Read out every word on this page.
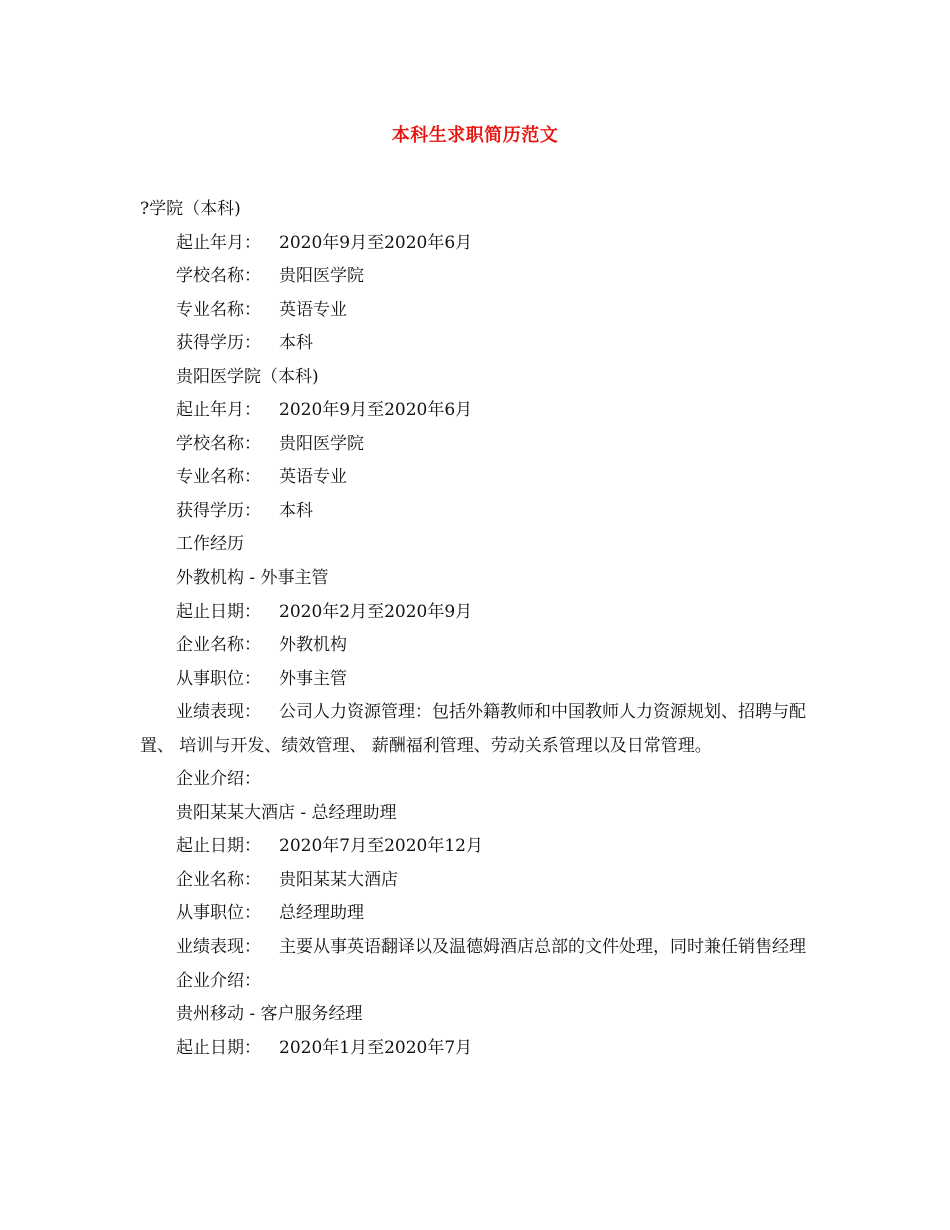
本科生求职简历范文
?学院（本科)
起止年月： 2020年9月至2020年6月
学校名称： 贵阳医学院
专业名称： 英语专业
获得学历： 本科
贵阳医学院（本科)
起止年月： 2020年9月至2020年6月
学校名称： 贵阳医学院
专业名称： 英语专业
获得学历： 本科
工作经历
外教机构 - 外事主管
起止日期： 2020年2月至2020年9月
企业名称： 外教机构
从事职位： 外事主管
业绩表现： 公司人力资源管理：包括外籍教师和中国教师人力资源规划、招聘与配置、 培训与开发、绩效管理、 薪酬福利管理、劳动关系管理以及日常管理。
企业介绍：
贵阳某某大酒店 - 总经理助理
起止日期： 2020年7月至2020年12月
企业名称： 贵阳某某大酒店
从事职位： 总经理助理
业绩表现： 主要从事英语翻译以及温德姆酒店总部的文件处理，同时兼任销售经理
企业介绍：
贵州移动 - 客户服务经理
起止日期： 2020年1月至2020年7月
